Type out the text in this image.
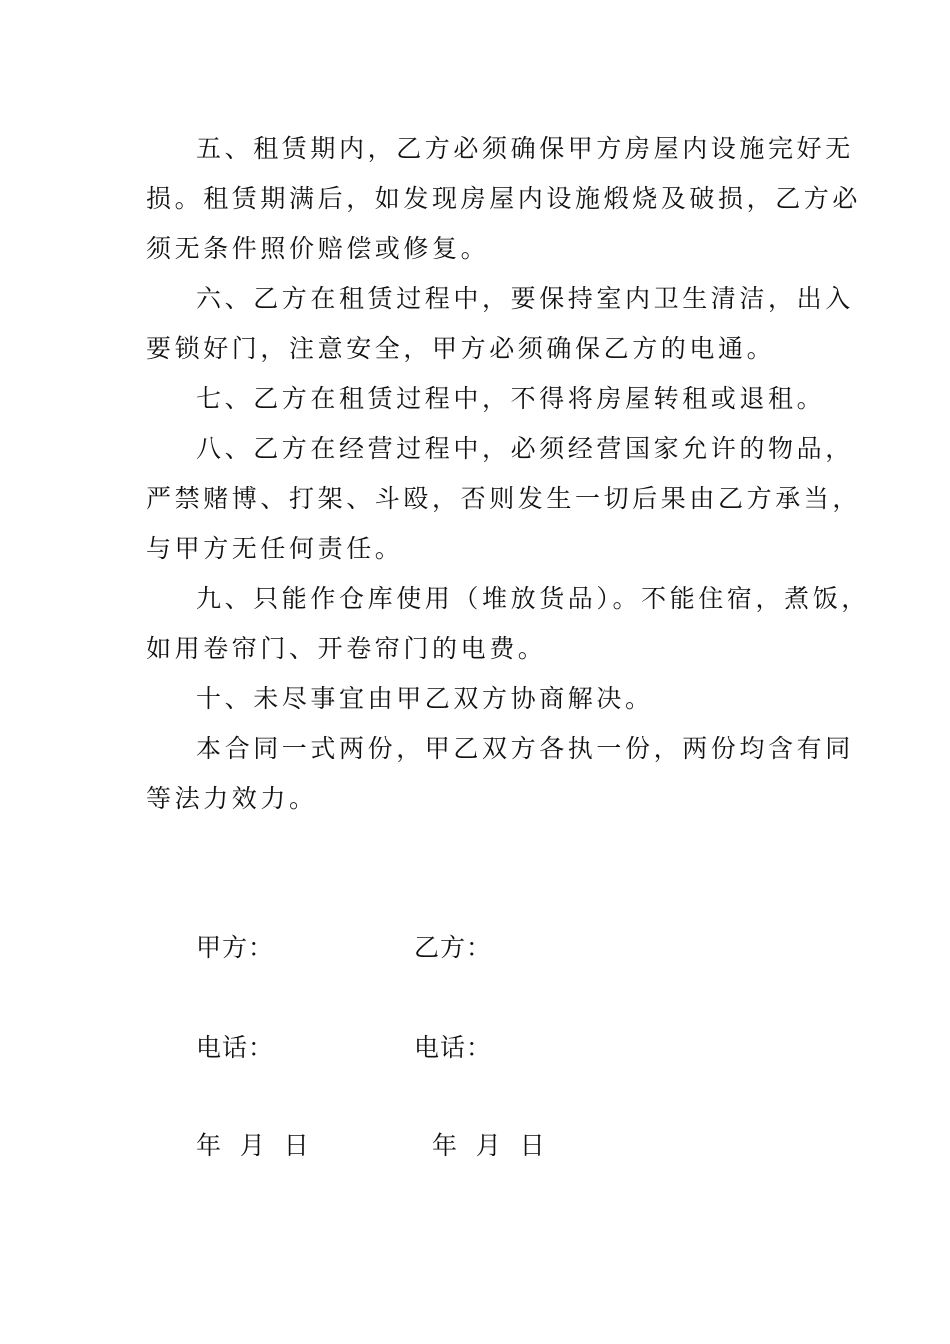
五、租赁期内，乙方必须确保甲方房屋内设施完好无
损。租赁期满后，如发现房屋内设施煅烧及破损，乙方必
须无条件照价赔偿或修复。
六、乙方在租赁过程中，要保持室内卫生清洁，出入
要锁好门，注意安全，甲方必须确保乙方的电通。
七、乙方在租赁过程中，不得将房屋转租或退租。
八、乙方在经营过程中，必须经营国家允许的物品，
严禁赌博、打架、斗殴，否则发生一切后果由乙方承当，
与甲方无任何责任。
九、只能作仓库使用（堆放货品）。不能住宿，煮饭，
如用卷帘门、开卷帘门的电费。
十、未尽事宜由甲乙双方协商解决。
本合同一式两份，甲乙双方各执一份，两份均含有同
等法力效力。
甲方：	乙方：
电话：	电话：
年  月  日	年  月  日
